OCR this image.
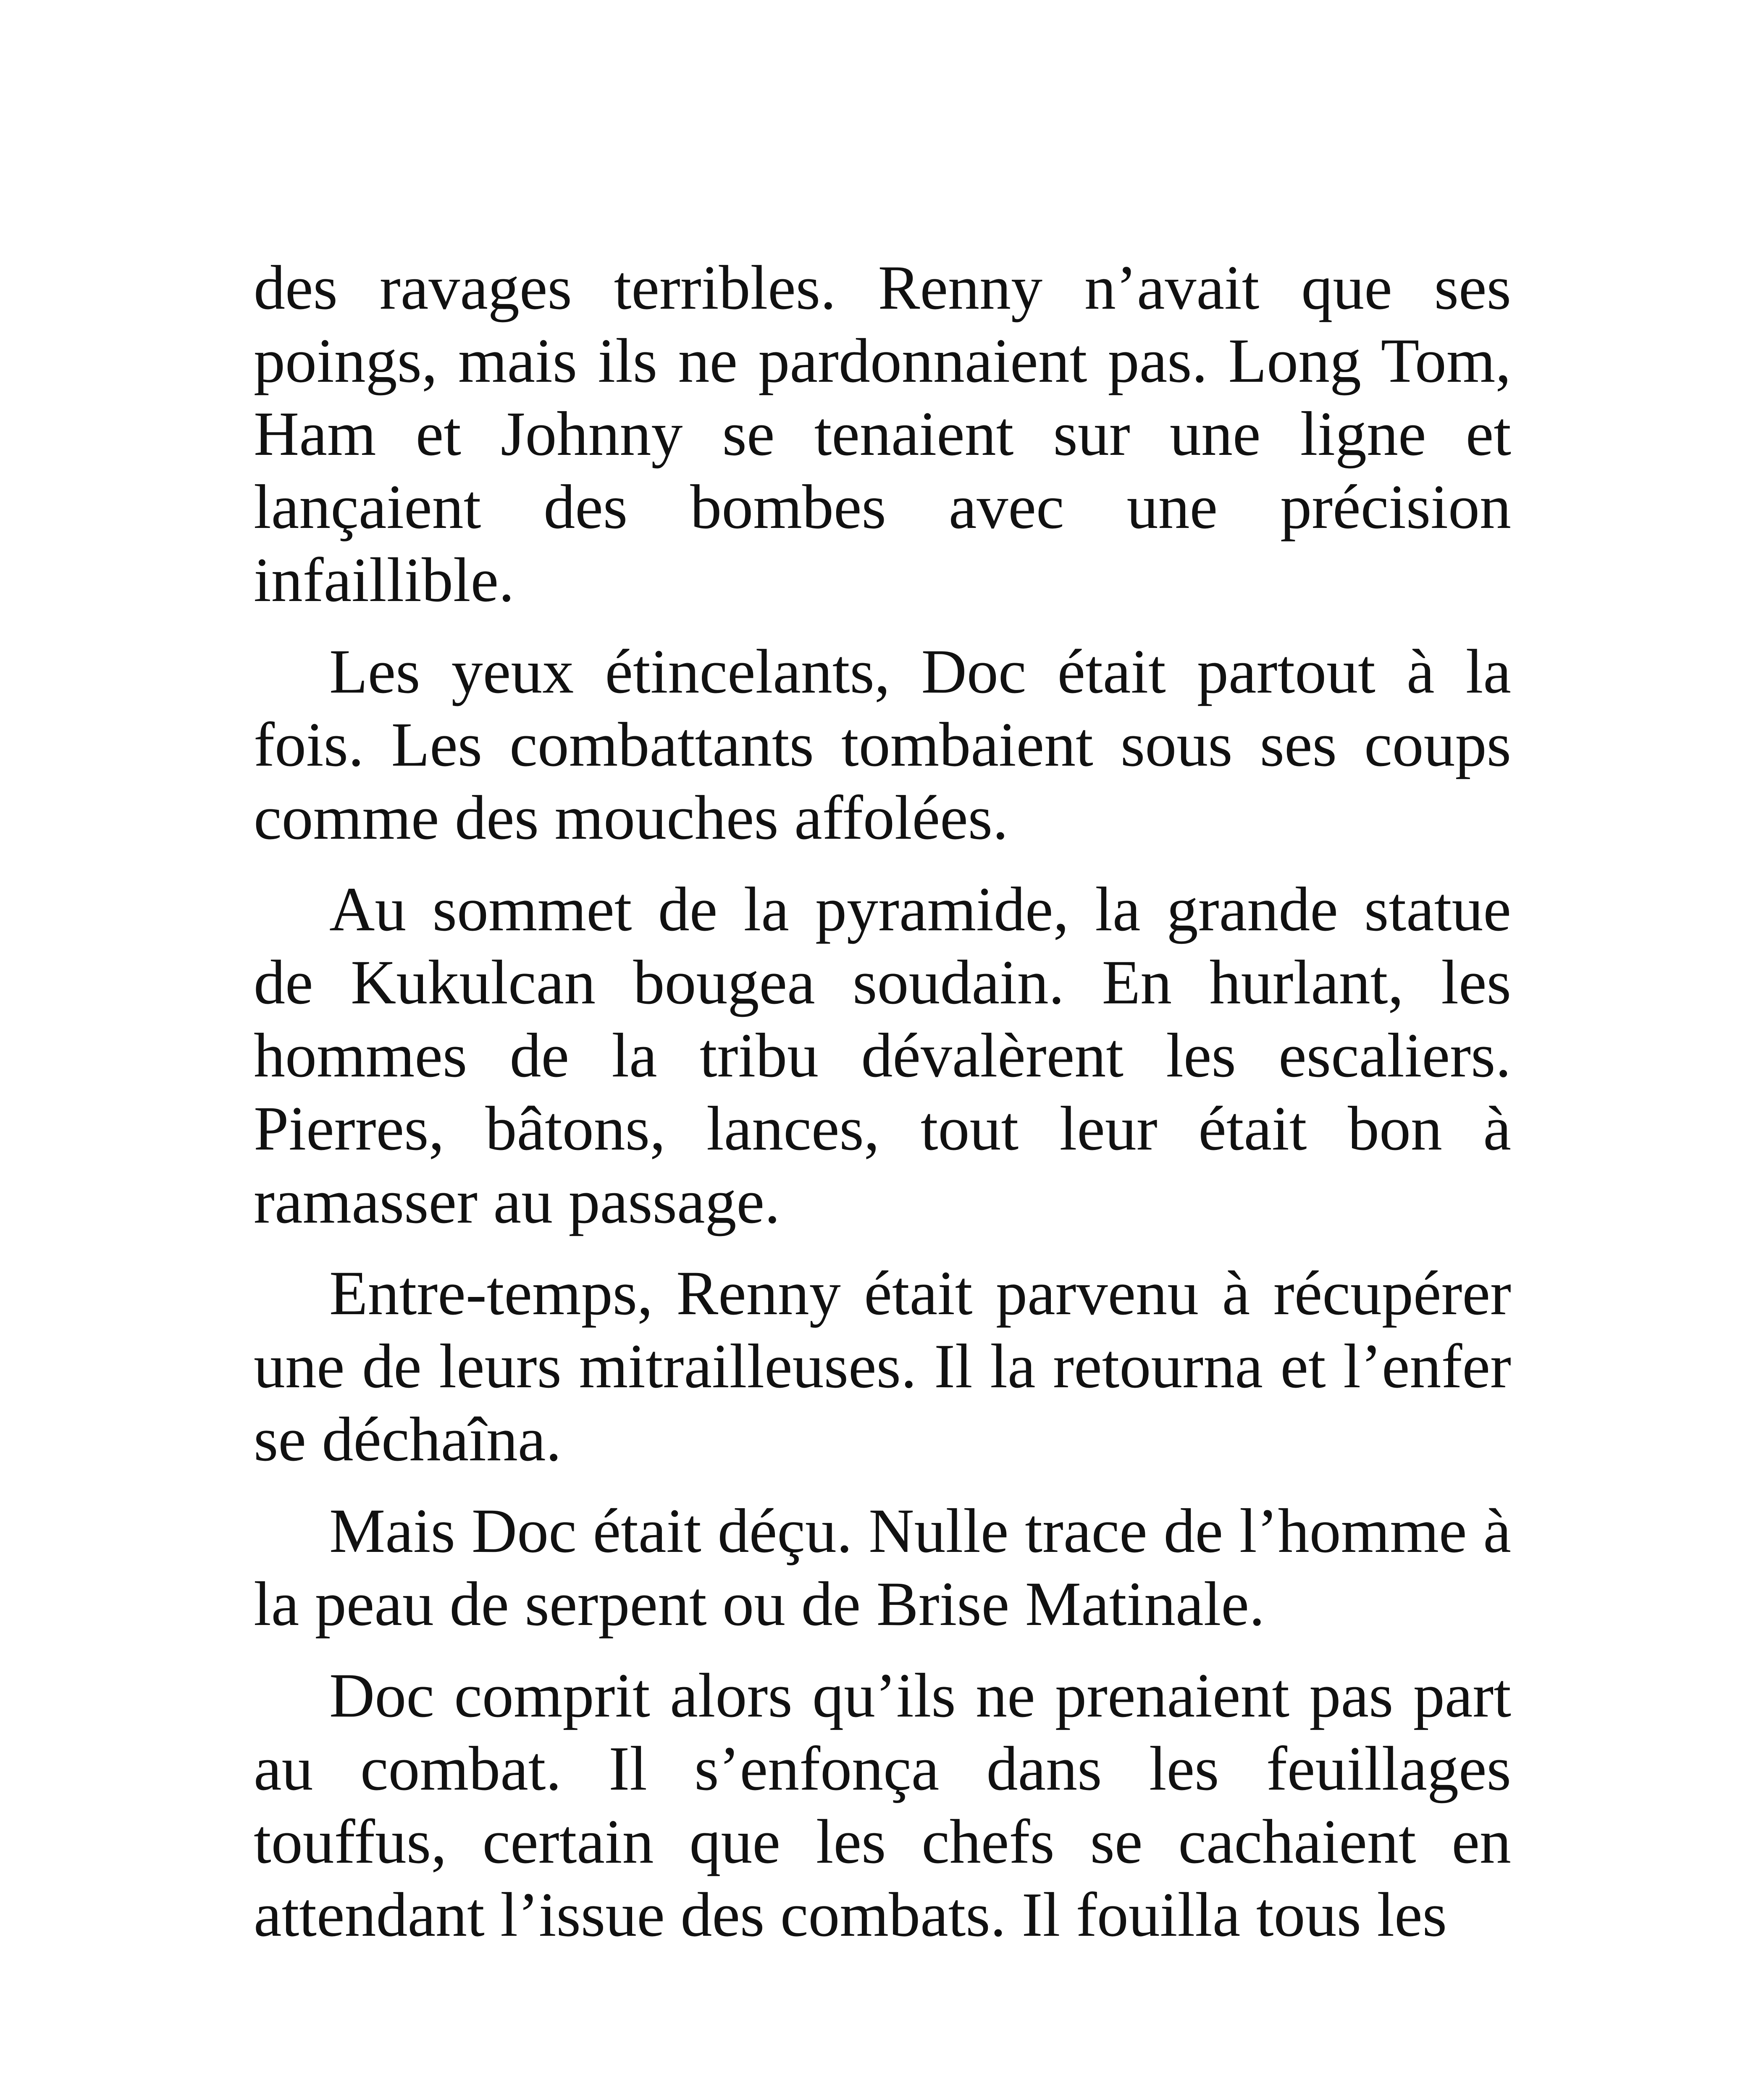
des ravages terribles. Renny n’avait que ses poings, mais ils ne pardonnaient pas. Long Tom, Ham et Johnny se tenaient sur une ligne et lançaient des bombes avec une précision infaillible.

Les yeux étincelants, Doc était partout à la fois. Les combattants tombaient sous ses coups comme des mouches affolées.

Au sommet de la pyramide, la grande statue de Kukulcan bougea soudain. En hurlant, les hommes de la tribu dévalèrent les escaliers. Pierres, bâtons, lances, tout leur était bon à ramasser au passage.

Entre-temps, Renny était parvenu à récupérer une de leurs mitrailleuses. Il la retourna et l’enfer se déchaîna.

Mais Doc était déçu. Nulle trace de l’homme à la peau de serpent ou de Brise Matinale.

Doc comprit alors qu’ils ne prenaient pas part au combat. Il s’enfonça dans les feuillages touffus, certain que les chefs se cachaient en attendant l’issue des combats. Il fouilla tous les
